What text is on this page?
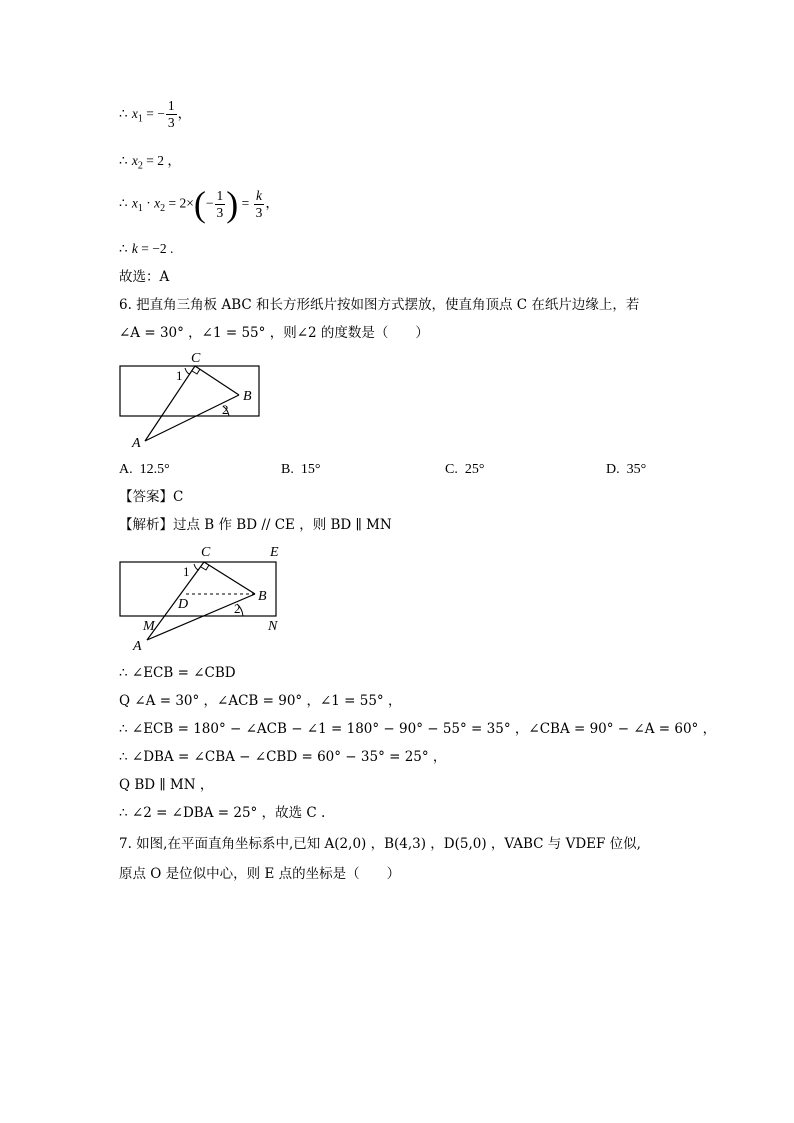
∴ $x_1$ = − $\frac{1}{3}$ ，
∴ $x_2 = 2$ ，
∴ $x_1 \cdot x_2 = 2\times(- \frac{1}{3}$ ) = $\frac{k}{3}$ ，
∴ k = −2 .
故选：A
6. 把直角三角板 ABC 和长方形纸片按如图方式摆放，使直角顶点 C 在纸片边缘上，若
∠A = 30° ，∠1 = 55° ，则∠2 的度数是（　　）
C
B
A
1
2
A. 12.5°	B. 15°	C. 25°	D. 35°
【答案】C
【解析】过点 B 作 BD // CE ，则 BD ∥ MN
C	E
B
D
M	N
A
1
2
∴ ∠ECB = ∠CBD
Q ∠A = 30° ，∠ACB = 90° ，∠1 = 55° ，
∴ ∠ECB = 180° − ∠ACB − ∠1 = 180° − 90° − 55° = 35° ，∠CBA = 90° − ∠A = 60° ，
∴ ∠DBA = ∠CBA − ∠CBD = 60° − 35° = 25° ，
Q BD ∥ MN ，
∴ ∠2 = ∠DBA = 25° ，故选 C .
7. 如图,在平面直角坐标系中,已知 A(2,0) ，B(4,3) ，D(5,0) ，VABC 与 VDEF 位似,
原点 O 是位似中心，则 E 点的坐标是（　　）
